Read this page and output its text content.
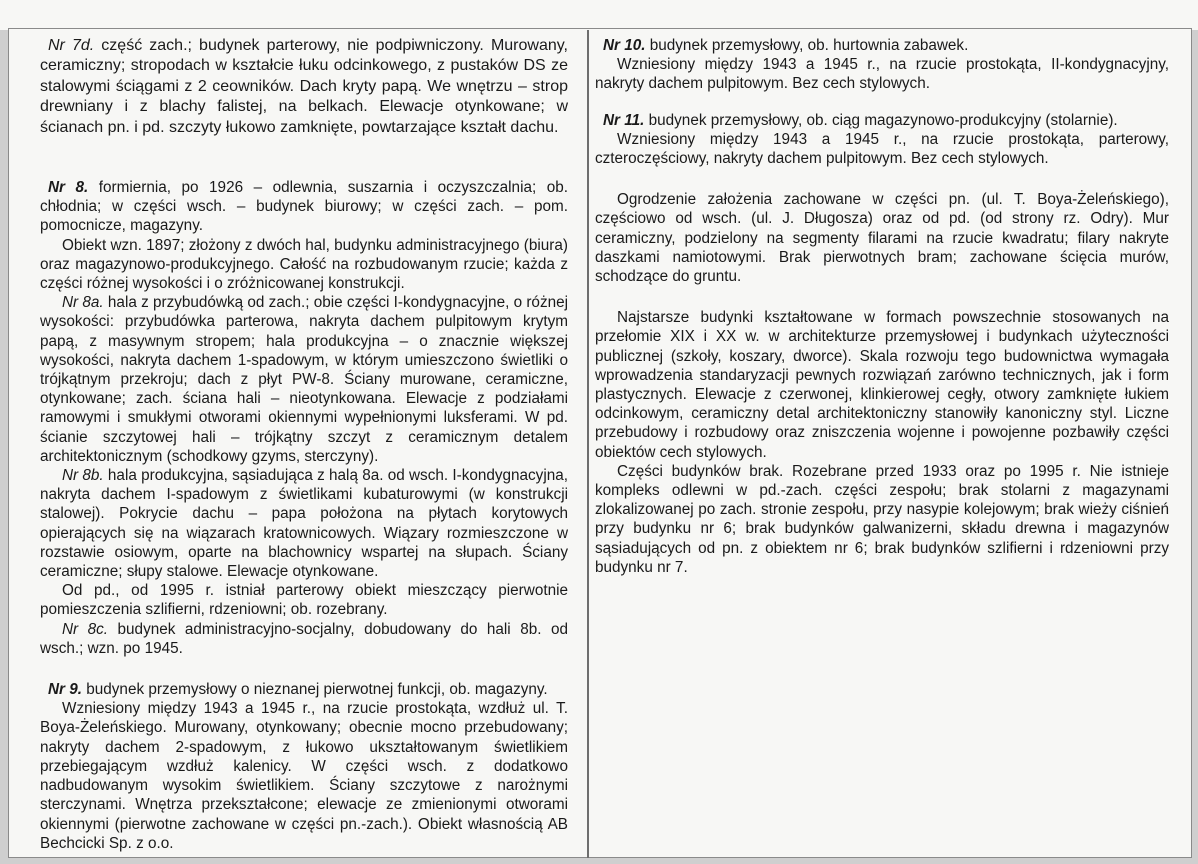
Nr 7d. część zach.; budynek parterowy, nie podpiwniczony. Murowany, ceramiczny; stropodach w kształcie łuku odcinkowego, z pustaków DS ze stalowymi ściągami z 2 ceowników. Dach kryty papą. We wnętrzu – strop drewniany i z blachy falistej, na belkach. Elewacje otynkowane; w ścianach pn. i pd. szczyty łukowo zamknięte, powtarzające kształt dachu.

Nr 8. formiernia, po 1926 – odlewnia, suszarnia i oczyszczalnia; ob. chłodnia; w części wsch. – budynek biurowy; w części zach. – pom. pomocnicze, magazyny.

Obiekt wzn. 1897; złożony z dwóch hal, budynku administracyjnego (biura) oraz magazynowo-produkcyjnego. Całość na rozbudowanym rzucie; każda z części różnej wysokości i o zróżnicowanej konstrukcji.

Nr 8a. hala z przybudówką od zach.; obie części I-kondygnacyjne, o różnej wysokości: przybudówka parterowa, nakryta dachem pulpitowym krytym papą, z masywnym stropem; hala produkcyjna – o znacznie większej wysokości, nakryta dachem 1-spadowym, w którym umieszczono świetliki o trójkątnym przekroju; dach z płyt PW-8. Ściany murowane, ceramiczne, otynkowane; zach. ściana hali – nieotynkowana. Elewacje z podziałami ramowymi i smukłymi otworami okiennymi wypełnionymi luksferami. W pd. ścianie szczytowej hali – trójkątny szczyt z ceramicznym detalem architektonicznym (schodkowy gzyms, sterczyny).

Nr 8b. hala produkcyjna, sąsiadująca z halą 8a. od wsch. I-kondygnacyjna, nakryta dachem I-spadowym z świetlikami kubaturowymi (w konstrukcji stalowej). Pokrycie dachu – papa położona na płytach korytowych opierających się na wiązarach kratownicowych. Wiązary rozmieszczone w rozstawie osiowym, oparte na blachownicy wspartej na słupach. Ściany ceramiczne; słupy stalowe. Elewacje otynkowane.

Od pd., od 1995 r. istniał parterowy obiekt mieszczący pierwotnie pomieszczenia szlifierni, rdzeniowni; ob. rozebrany.

Nr 8c. budynek administracyjno-socjalny, dobudowany do hali 8b. od wsch.; wzn. po 1945.

Nr 9. budynek przemysłowy o nieznanej pierwotnej funkcji, ob. magazyny.

Wzniesiony między 1943 a 1945 r., na rzucie prostokąta, wzdłuż ul. T. Boya-Żeleńskiego. Murowany, otynkowany; obecnie mocno przebudowany; nakryty dachem 2-spadowym, z łukowo ukształtowanym świetlikiem przebiegającym wzdłuż kalenicy. W części wsch. z dodatkowo nadbudowanym wysokim świetlikiem. Ściany szczytowe z narożnymi sterczynami. Wnętrza przekształcone; elewacje ze zmienionymi otworami okiennymi (pierwotne zachowane w części pn.-zach.). Obiekt własnością AB Bechcicki Sp. z o.o.

Nr 10. budynek przemysłowy, ob. hurtownia zabawek.

Wzniesiony między 1943 a 1945 r., na rzucie prostokąta, II-kondygnacyjny, nakryty dachem pulpitowym. Bez cech stylowych.

Nr 11. budynek przemysłowy, ob. ciąg magazynowo-produkcyjny (stolarnie).

Wzniesiony między 1943 a 1945 r., na rzucie prostokąta, parterowy, czteroczęściowy, nakryty dachem pulpitowym. Bez cech stylowych.

Ogrodzenie założenia zachowane w części pn. (ul. T. Boya-Żeleńskiego), częściowo od wsch. (ul. J. Długosza) oraz od pd. (od strony rz. Odry). Mur ceramiczny, podzielony na segmenty filarami na rzucie kwadratu; filary nakryte daszkami namiotowymi. Brak pierwotnych bram; zachowane ścięcia murów, schodzące do gruntu.

Najstarsze budynki kształtowane w formach powszechnie stosowanych na przełomie XIX i XX w. w architekturze przemysłowej i budynkach użyteczności publicznej (szkoły, koszary, dworce). Skala rozwoju tego budownictwa wymagała wprowadzenia standaryzacji pewnych rozwiązań zarówno technicznych, jak i form plastycznych. Elewacje z czerwonej, klinkierowej cegły, otwory zamknięte łukiem odcinkowym, ceramiczny detal architektoniczny stanowiły kanoniczny styl. Liczne przebudowy i rozbudowy oraz zniszczenia wojenne i powojenne pozbawiły części obiektów cech stylowych.

Części budynków brak. Rozebrane przed 1933 oraz po 1995 r. Nie istnieje kompleks odlewni w pd.-zach. części zespołu; brak stolarni z magazynami zlokalizowanej po zach. stronie zespołu, przy nasypie kolejowym; brak wieży ciśnień przy budynku nr 6; brak budynków galwanizerni, składu drewna i magazynów sąsiadujących od pn. z obiektem nr 6; brak budynków szlifierni i rdzeniowni przy budynku nr 7.
